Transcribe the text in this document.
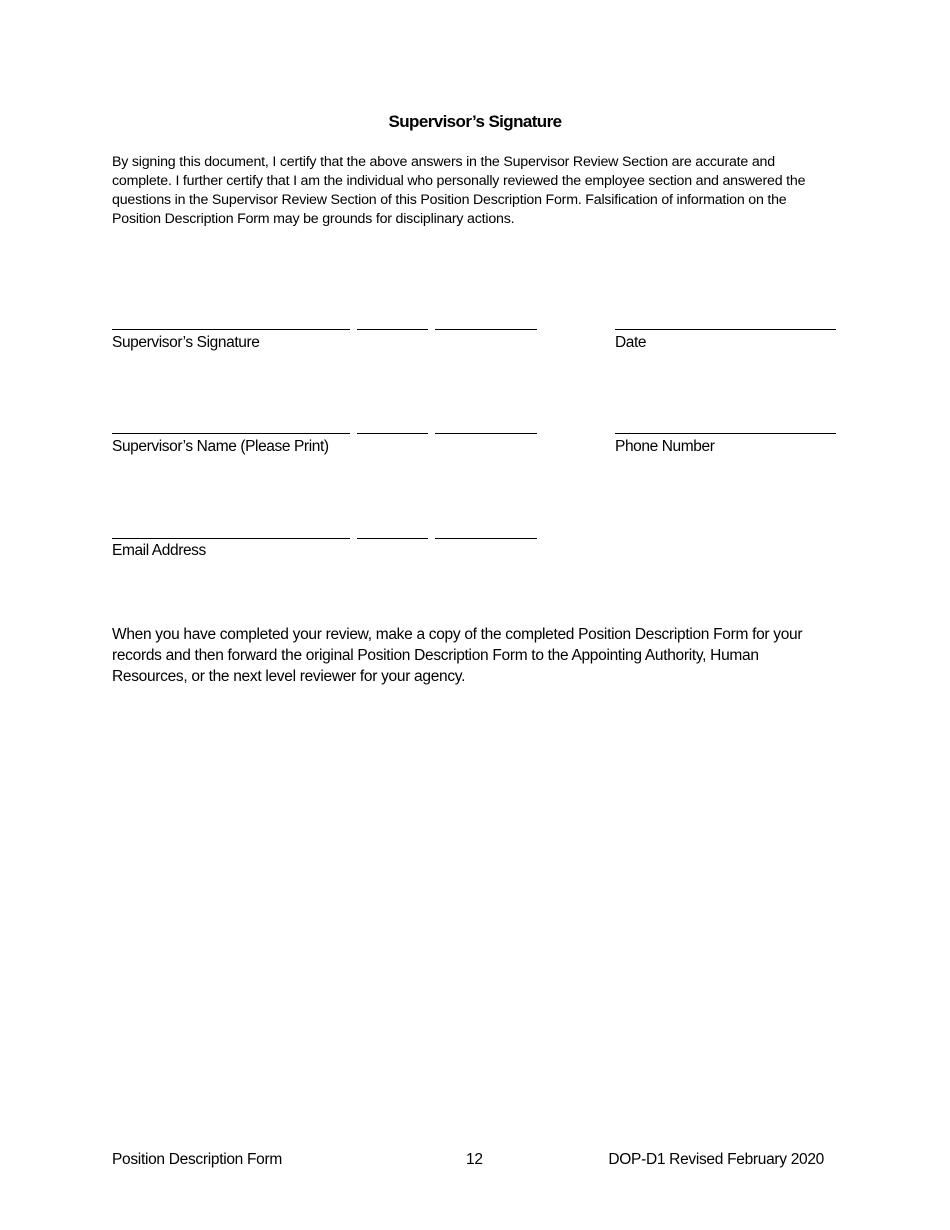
Supervisor’s Signature
By signing this document, I certify that the above answers in the Supervisor Review Section are accurate and complete. I further certify that I am the individual who personally reviewed the employee section and answered the questions in the Supervisor Review Section of this Position Description Form. Falsification of information on the Position Description Form may be grounds for disciplinary actions.
Supervisor’s Signature	Date
Supervisor’s Name (Please Print)	Phone Number
Email Address
When you have completed your review, make a copy of the completed Position Description Form for your records and then forward the original Position Description Form to the Appointing Authority, Human Resources, or the next level reviewer for your agency.
Position Description Form	12	DOP-D1 Revised February 2020
